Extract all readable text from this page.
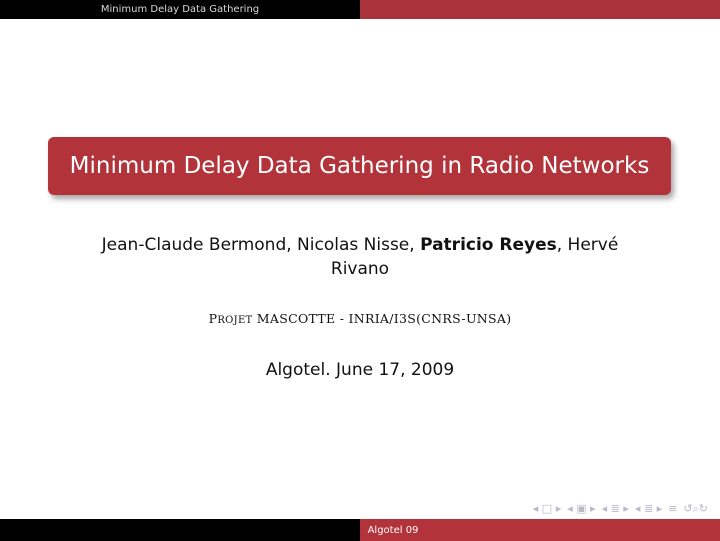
Minimum Delay Data Gathering
Minimum Delay Data Gathering in Radio Networks
Jean-Claude Bermond, Nicolas Nisse, Patricio Reyes, Hervé
Rivano
PROJET MASCOTTE - INRIA/I3S(CNRS-UNSA)
Algotel. June 17, 2009
◂ □ ▸ ◂ ▣ ▸ ◂ ≣ ▸ ◂ ≣ ▸ ≡ ↺⌕↻
Algotel 09
